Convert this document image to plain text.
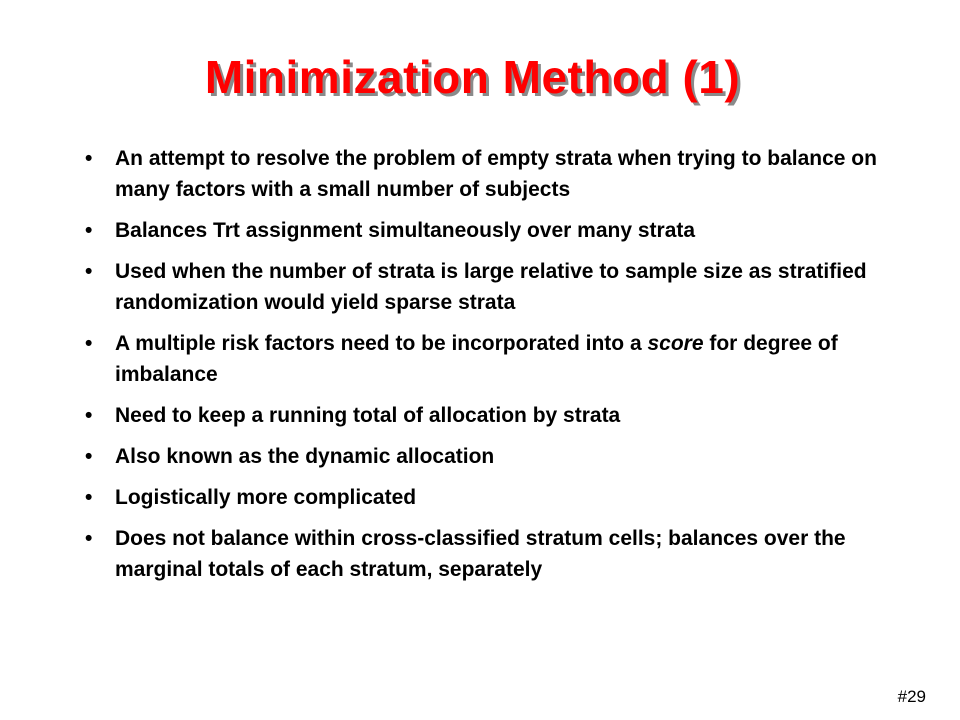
Minimization Method (1)
•	An attempt to resolve the problem of empty strata when trying to balance on many factors with a small number of subjects
•	Balances Trt assignment simultaneously over many strata
•	Used when the number of strata is large relative to sample size as stratified randomization would yield sparse strata
•	A multiple risk factors need to be incorporated into a score for degree of imbalance
•	Need to keep a running total of allocation by strata
•	Also known as the dynamic allocation
•	Logistically more complicated
•	Does not balance within cross-classified stratum cells; balances over the marginal totals of each stratum, separately
#29
